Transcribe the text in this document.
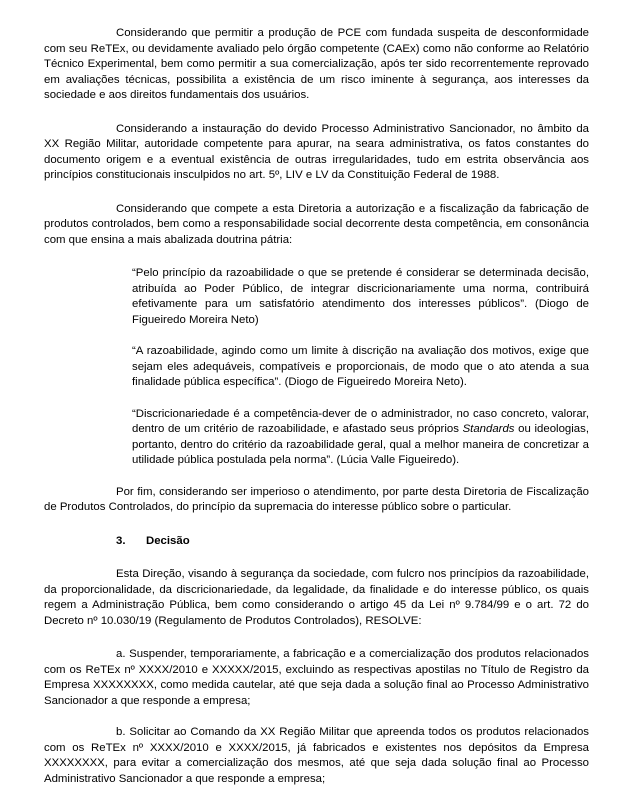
Considerando que permitir a produção de PCE com fundada suspeita de desconformidade com seu ReTEx, ou devidamente avaliado pelo órgão competente (CAEx) como não conforme ao Relatório Técnico Experimental, bem como permitir a sua comercialização, após ter sido recorrentemente reprovado em avaliações técnicas, possibilita a existência de um risco iminente à segurança, aos interesses da sociedade e aos direitos fundamentais dos usuários.

Considerando a instauração do devido Processo Administrativo Sancionador, no âmbito da XX Região Militar, autoridade competente para apurar, na seara administrativa, os fatos constantes do documento origem e a eventual existência de outras irregularidades, tudo em estrita observância aos princípios constitucionais insculpidos no art. 5º, LIV e LV da Constituição Federal de 1988.

Considerando que compete a esta Diretoria a autorização e a fiscalização da fabricação de produtos controlados, bem como a responsabilidade social decorrente desta competência, em consonância com que ensina a mais abalizada doutrina pátria:

“Pelo princípio da razoabilidade o que se pretende é considerar se determinada decisão, atribuída ao Poder Público, de integrar discricionariamente uma norma, contribuirá efetivamente para um satisfatório atendimento dos interesses públicos”. (Diogo de Figueiredo Moreira Neto)

“A razoabilidade, agindo como um limite à discrição na avaliação dos motivos, exige que sejam eles adequáveis, compatíveis e proporcionais, de modo que o ato atenda a sua finalidade pública específica”. (Diogo de Figueiredo Moreira Neto).

“Discricionariedade é a competência-dever de o administrador, no caso concreto, valorar, dentro de um critério de razoabilidade, e afastado seus próprios Standards ou ideologias, portanto, dentro do critério da razoabilidade geral, qual a melhor maneira de concretizar a utilidade pública postulada pela norma”. (Lúcia Valle Figueiredo).

Por fim, considerando ser imperioso o atendimento, por parte desta Diretoria de Fiscalização de Produtos Controlados, do princípio da supremacia do interesse público sobre o particular.

3. Decisão

Esta Direção, visando à segurança da sociedade, com fulcro nos princípios da razoabilidade, da proporcionalidade, da discricionariedade, da legalidade, da finalidade e do interesse público, os quais regem a Administração Pública, bem como considerando o artigo 45 da Lei nº 9.784/99 e o art. 72 do Decreto nº 10.030/19 (Regulamento de Produtos Controlados), RESOLVE:

a. Suspender, temporariamente, a fabricação e a comercialização dos produtos relacionados com os ReTEx nº XXXX/2010 e XXXXX/2015, excluindo as respectivas apostilas no Título de Registro da Empresa XXXXXXXX, como medida cautelar, até que seja dada a solução final ao Processo Administrativo Sancionador a que responde a empresa;

b. Solicitar ao Comando da XX Região Militar que apreenda todos os produtos relacionados com os ReTEx nº XXXX/2010 e XXXX/2015, já fabricados e existentes nos depósitos da Empresa XXXXXXXX, para evitar a comercialização dos mesmos, até que seja dada solução final ao Processo Administrativo Sancionador a que responde a empresa;
